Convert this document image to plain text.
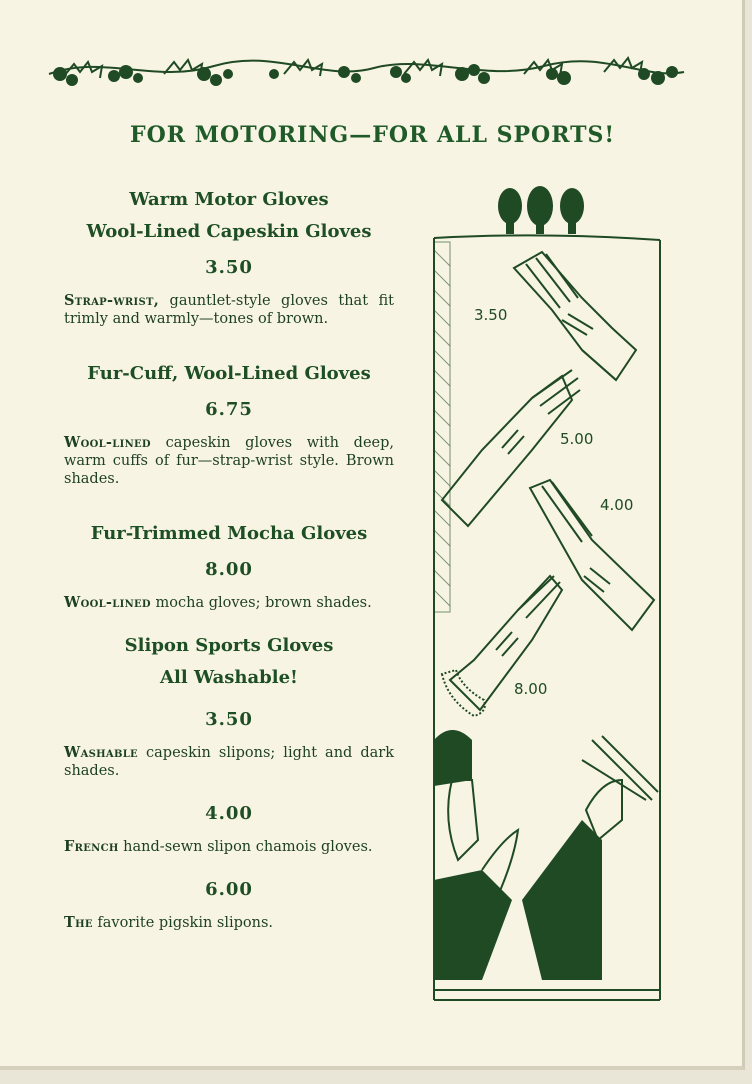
FOR MOTORING—FOR ALL SPORTS!

Warm Motor Gloves

Wool-Lined Capeskin Gloves

3.50

Strap-wrist, gauntlet-style gloves that fit trimly and warmly—tones of brown.

Fur-Cuff, Wool-Lined Gloves

6.75

Wool-lined capeskin gloves with deep, warm cuffs of fur—strap-wrist style. Brown shades.

Fur-Trimmed Mocha Gloves

8.00

Wool-lined mocha gloves; brown shades.

Slipon Sports Gloves

All Washable!

3.50

Washable capeskin slipons; light and dark shades.

4.00

French hand-sewn slipon chamois gloves.

6.00

The favorite pigskin slipons.

3.50
5.00
4.00
8.00
